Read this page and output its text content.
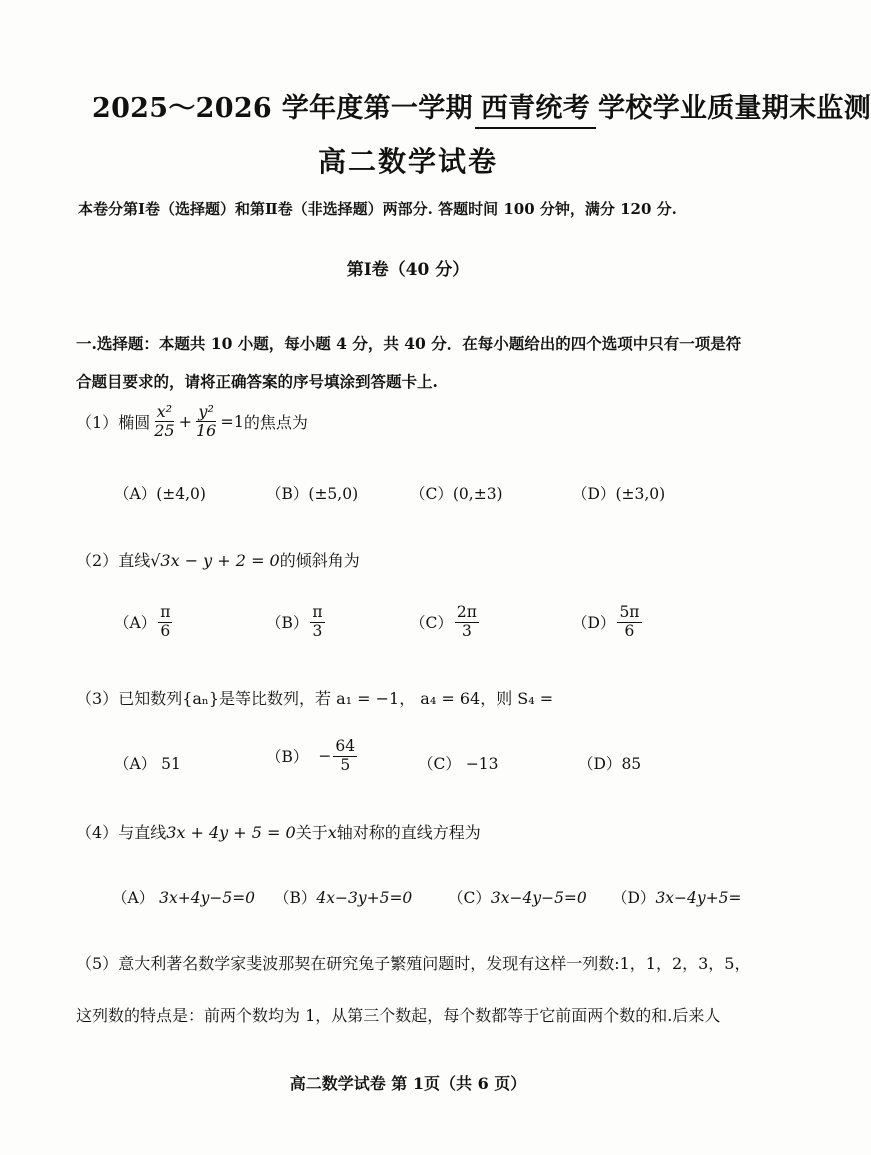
2025～2026 学年度第一学期 西青统考 学校学业质量期末监测
高二数学试卷
本卷分第Ⅰ卷（选择题）和第Ⅱ卷（非选择题）两部分. 答题时间 100 分钟，满分 120 分.
第Ⅰ卷（40 分）
一.选择题：本题共 10 小题，每小题 4 分，共 40 分．在每小题给出的四个选项中只有一项是符
合题目要求的，请将正确答案的序号填涂到答题卡上.
（1） 椭圆 $\frac{\text{x²}}{25} + \frac{\text{y²}}{16} =1$ 的焦点为
（A）(±4,0)	（B）(±5,0)	（C）(0,±3)	（D）(±3,0)
（2）直线√3x − y + 2 = 0的倾斜角为
$(A) \frac{\pi}{6}$	$(B) \frac{\pi}{3}$	$(C) \frac{2\pi}{3}$	$(D) \frac{5\pi}{6}$
（3）已知数列{aₙ}是等比数列，若 a₁ = −1， a₄ = 64，则 S₄ =
（A） 51	$(B) - \frac{64}{5}$	（C） −13	（D）85
（4）与直线3x + 4y + 5 = 0关于x轴对称的直线方程为
（A） 3x+4y−5=0 （B）4x−3y+5=0 （C）3x−4y−5=0 （D）3x−4y+5=
（5）意大利著名数学家斐波那契在研究兔子繁殖问题时，发现有这样一列数:1，1，2，3，5，
这列数的特点是：前两个数均为 1，从第三个数起，每个数都等于它前面两个数的和.后来人
高二数学试卷 第 1页（共 6 页）
